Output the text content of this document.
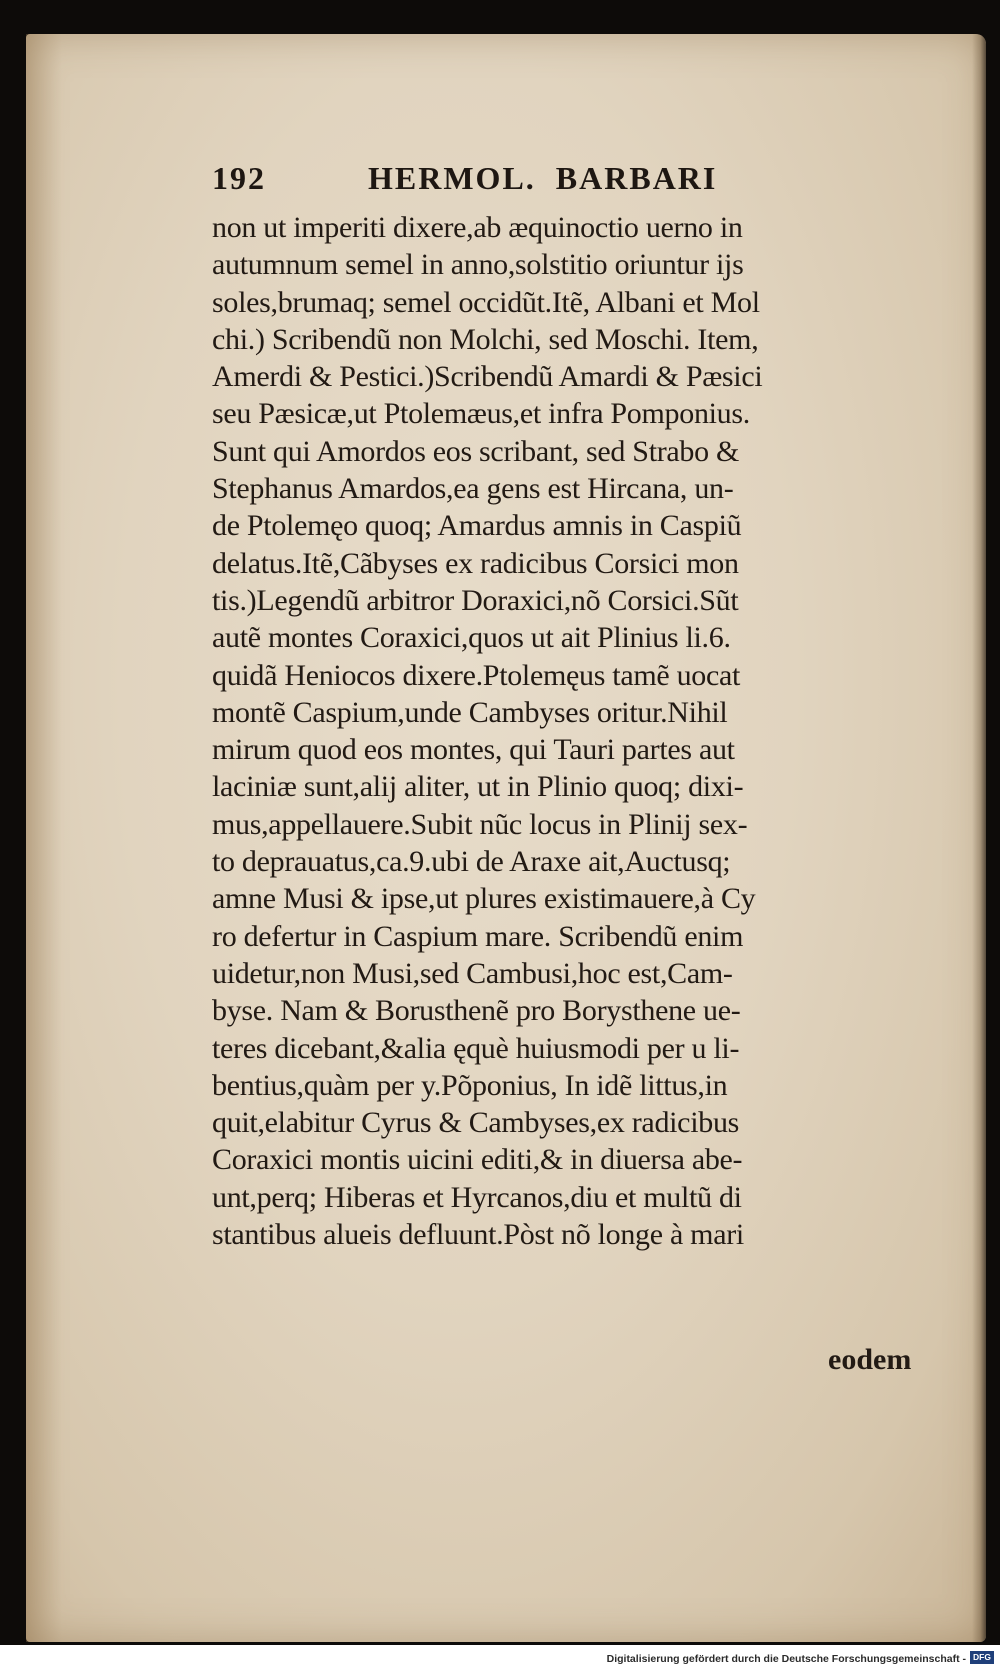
192	HERMOL.  BARBARI
non ut imperiti dixere,ab æquinoctio uerno in
autumnum semel in anno,solstitio oriuntur ijs
soles,brumaq; semel occidũt.Itẽ, Albani et Mol
chi.) Scribendũ non Molchi, sed Moschi. Item,
Amerdi & Pestici.)Scribendũ Amardi & Pæsici
seu Pæsicæ,ut Ptolemæus,et infra Pomponius.
Sunt qui Amordos eos scribant, sed Strabo &
Stephanus Amardos,ea gens est Hircana, un-
de Ptolemęo quoq; Amardus amnis in Caspiũ
delatus.Itẽ,Cãbyses ex radicibus Corsici mon
tis.)Legendũ arbitror Doraxici,nõ Corsici.Sũt
autẽ montes Coraxici,quos ut ait Plinius li.6.
quidã Heniocos dixere.Ptolemęus tamẽ uocat
montẽ Caspium,unde Cambyses oritur.Nihil
mirum quod eos montes, qui Tauri partes aut
laciniæ sunt,alij aliter, ut in Plinio quoq; dixi-
mus,appellauere.Subit nũc locus in Plinij sex-
to deprauatus,ca.9.ubi de Araxe ait,Auctusq;
amne Musi & ipse,ut plures existimauere,à Cy
ro defertur in Caspium mare. Scribendũ enim
uidetur,non Musi,sed Cambusi,hoc est,Cam-
byse. Nam & Borusthenẽ pro Borysthene ue-
teres dicebant,&alia ęquè huiusmodi per u li-
bentius,quàm per y.Põponius, In idẽ littus,in
quit,elabitur Cyrus & Cambyses,ex radicibus
Coraxici montis uicini editi,& in diuersa abe-
unt,perq; Hiberas et Hyrcanos,diu et multũ di
stantibus alueis defluunt.Pòst nõ longe à mari
eodem
Digitalisierung gefördert durch die Deutsche Forschungsgemeinschaft - DFG
